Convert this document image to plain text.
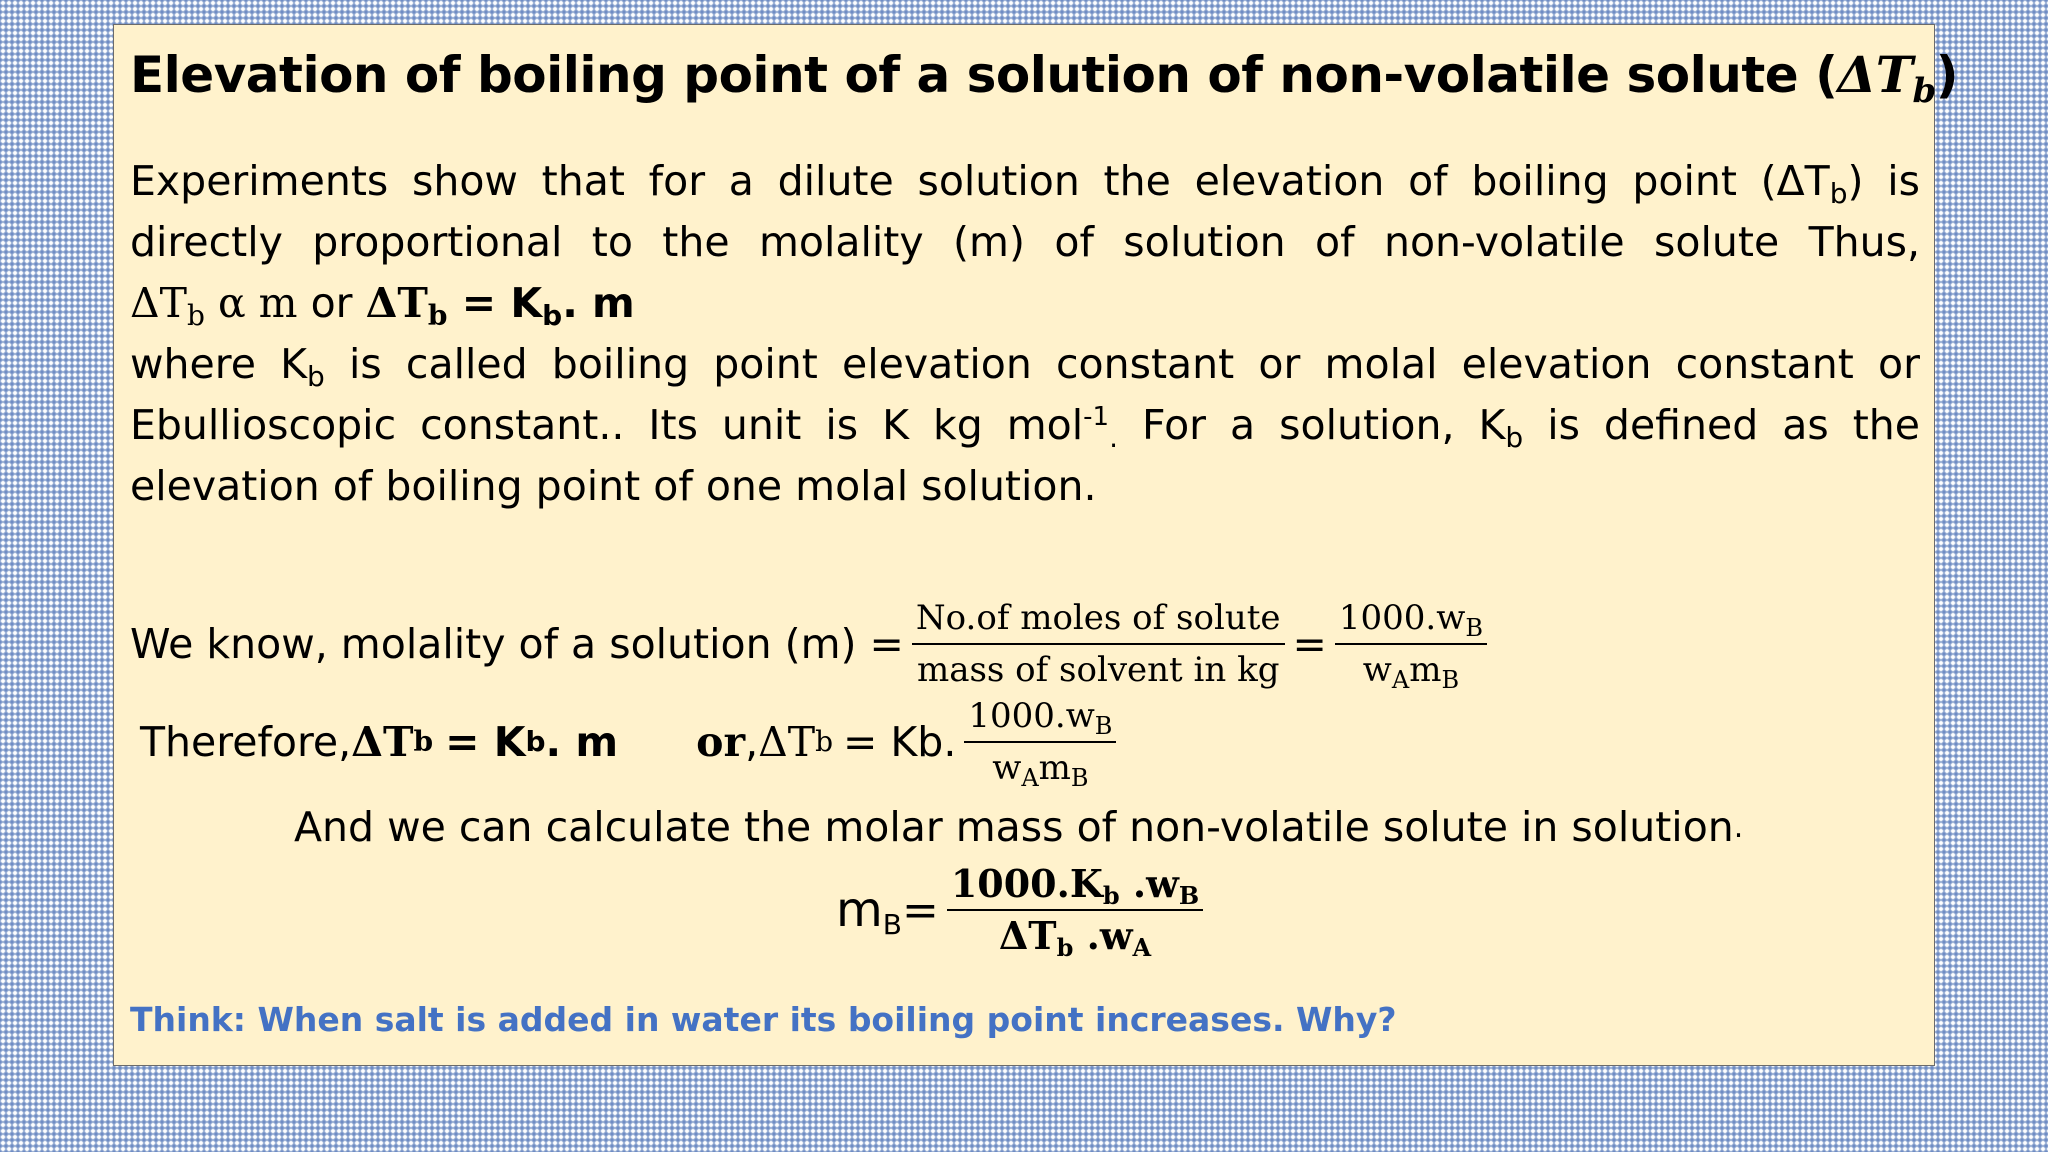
Elevation of boiling point of a solution of non-volatile solute $(\Delta T_b)$
Experiments show that for a dilute solution the elevation of boiling point $(\Delta T_b)$ is
directly proportional to the molality (m) of solution of non-volatile solute Thus,
$\Delta T_b$ α m or $\Delta T_b = K_b$. m
where $K_b$ is called boiling point elevation constant or molal elevation constant or
Ebullioscopic constant.. Its unit is K kg mol$^{-1}_.$ For a solution, $K_b$ is defined as the
elevation of boiling point of one molal solution.
We know, molality of a solution $(m) = \frac{\text{No.of moles of solute}}{\text{mass of solvent in kg}} = \frac{1000.w_B}{w_Am_B}$
Therefore, ΔT b = K b . m or , ΔT b = Kb. $\frac{1000.w_B}{w_Am_B}$
And we can calculate the molar mass of non-volatile solute in solution .
$m_B = \frac{1000.K_b .w_B}{\Delta T_b .w_A}$
Think: When salt is added in water its boiling point increases. Why?
